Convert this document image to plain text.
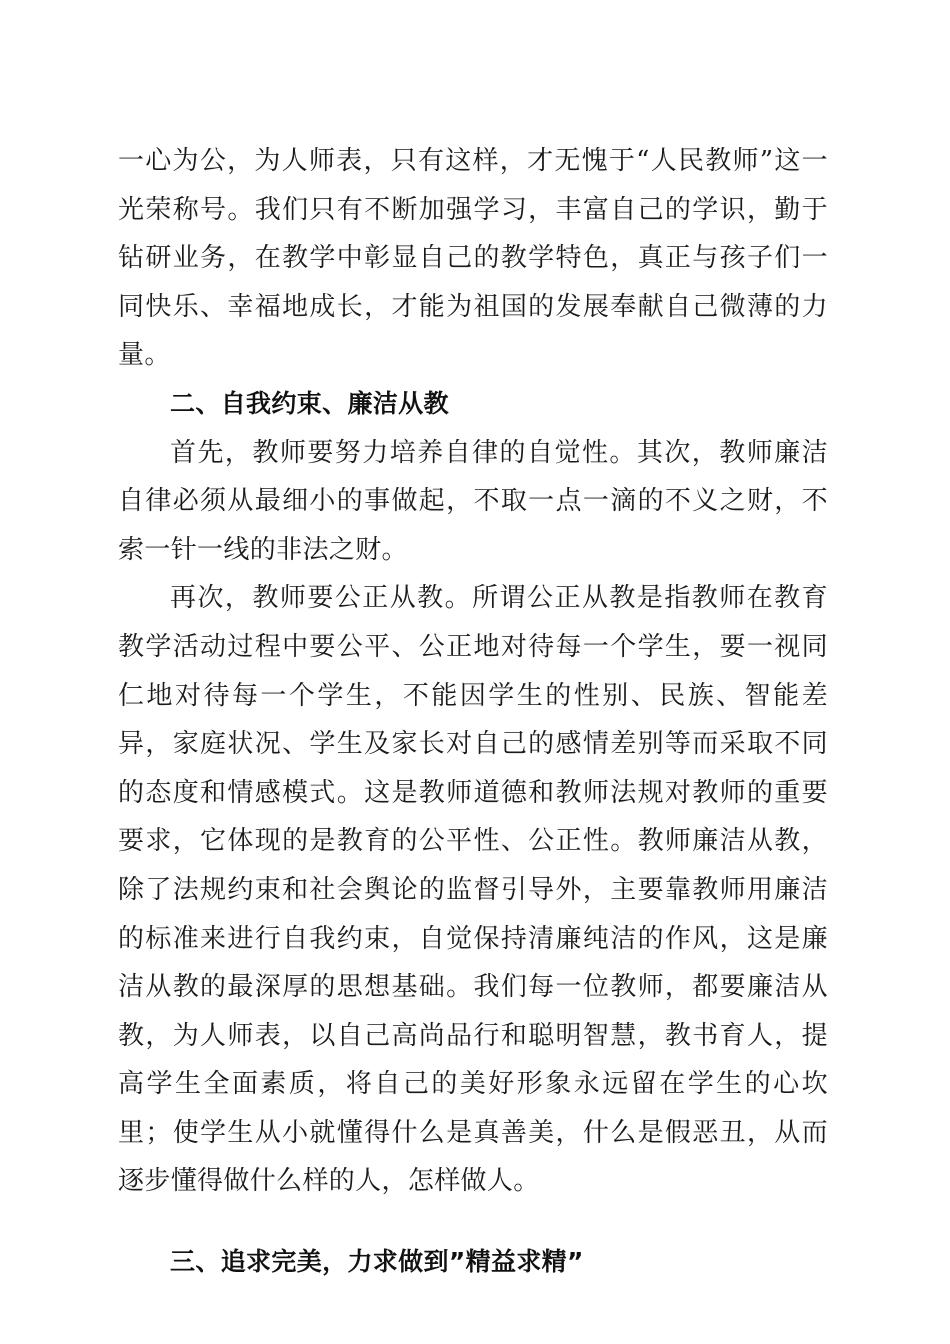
一心为公，为人师表，只有这样，才无愧于“人民教师”这一光荣称号。我们只有不断加强学习，丰富自己的学识，勤于钻研业务，在教学中彰显自己的教学特色，真正与孩子们一同快乐、幸福地成长，才能为祖国的发展奉献自己微薄的力量。

二、自我约束、廉洁从教

首先，教师要努力培养自律的自觉性。其次，教师廉洁自律必须从最细小的事做起，不取一点一滴的不义之财，不索一针一线的非法之财。

再次，教师要公正从教。所谓公正从教是指教师在教育教学活动过程中要公平、公正地对待每一个学生，要一视同仁地对待每一个学生，不能因学生的性别、民族、智能差异，家庭状况、学生及家长对自己的感情差别等而采取不同的态度和情感模式。这是教师道德和教师法规对教师的重要要求，它体现的是教育的公平性、公正性。教师廉洁从教，除了法规约束和社会舆论的监督引导外，主要靠教师用廉洁的标准来进行自我约束，自觉保持清廉纯洁的作风，这是廉洁从教的最深厚的思想基础。我们每一位教师，都要廉洁从教，为人师表，以自己高尚品行和聪明智慧，教书育人，提高学生全面素质，将自己的美好形象永远留在学生的心坎里；使学生从小就懂得什么是真善美，什么是假恶丑，从而逐步懂得做什么样的人，怎样做人。

三、追求完美，力求做到”精益求精”
